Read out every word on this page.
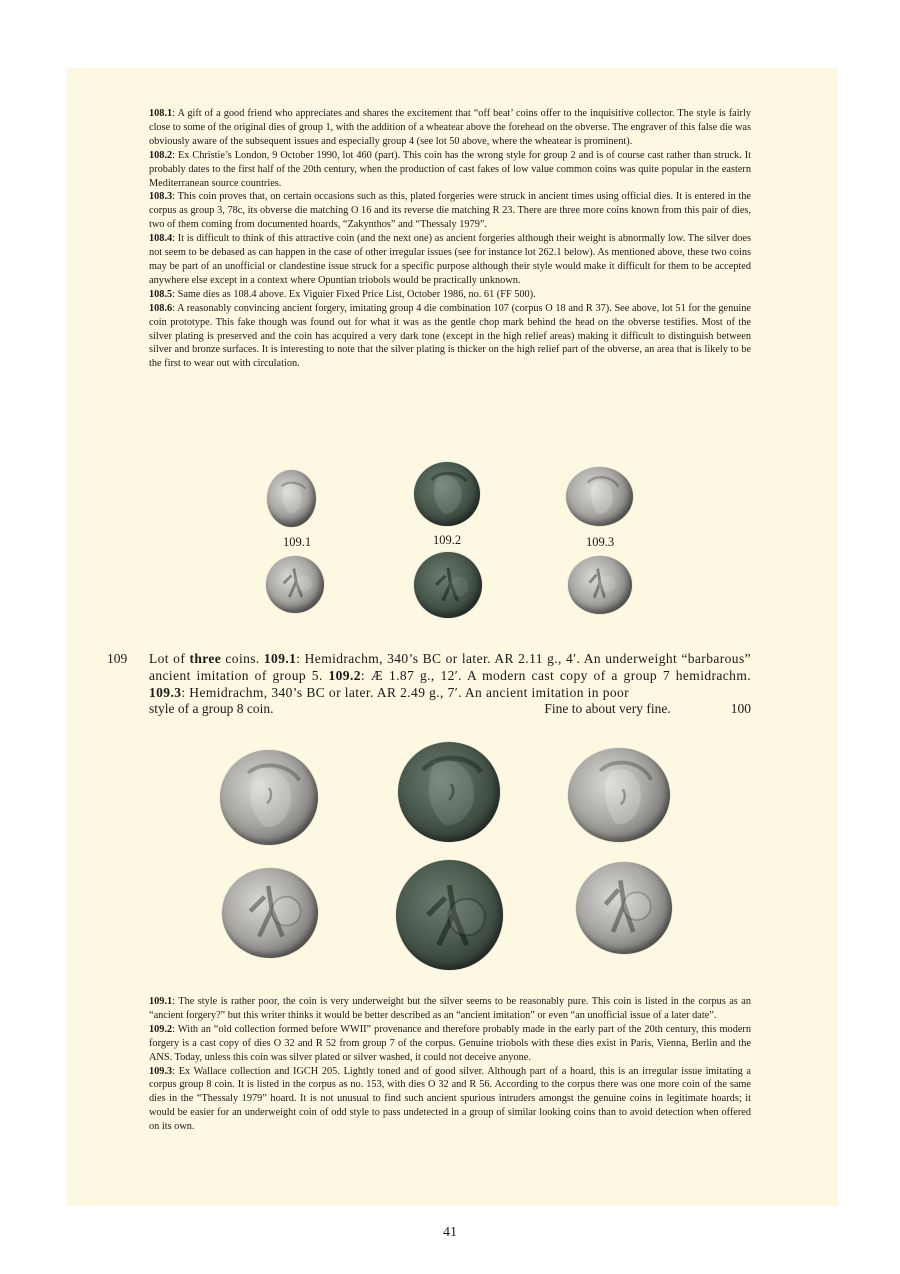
108.1: A gift of a good friend who appreciates and shares the excitement that “off beat’ coins offer to the inquisitive collector. The style is fairly close to some of the original dies of group 1, with the addition of a wheatear above the forehead on the obverse. The engraver of this false die was obviously aware of the subsequent issues and especially group 4 (see lot 50 above, where the wheatear is prominent).

108.2: Ex Christie’s London, 9 October 1990, lot 460 (part). This coin has the wrong style for group 2 and is of course cast rather than struck. It probably dates to the first half of the 20th century, when the production of cast fakes of low value common coins was quite popular in the eastern Mediterranean source countries.

108.3: This coin proves that, on certain occasions such as this, plated forgeries were struck in ancient times using official dies. It is entered in the corpus as group 3, 78c, its obverse die matching O 16 and its reverse die matching R 23. There are three more coins known from this pair of dies, two of them coming from documented hoards, “Zakynthos” and “Thessaly 1979”.

108.4: It is difficult to think of this attractive coin (and the next one) as ancient forgeries although their weight is abnormally low. The silver does not seem to be debased as can happen in the case of other irregular issues (see for instance lot 262.1 below). As mentioned above, these two coins may be part of an unofficial or clandestine issue struck for a specific purpose although their style would make it difficult for them to be accepted anywhere else except in a context where Opuntian triobols would be practically unknown.

108.5: Same dies as 108.4 above. Ex Viguier Fixed Price List, October 1986, no. 61 (FF 500).

108.6: A reasonably convincing ancient forgery, imitating group 4 die combination 107 (corpus O 18 and R 37). See above, lot 51 for the genuine coin prototype. This fake though was found out for what it was as the gentle chop mark behind the head on the obverse testifies. Most of the silver plating is preserved and the coin has acquired a very dark tone (except in the high relief areas) making it difficult to distinguish between silver and bronze surfaces. It is interesting to note that the silver plating is thicker on the high relief part of the obverse, an area that is likely to be the first to wear out with circulation.

109.1	109.2	109.3
109 Lot of three coins. 109.1: Hemidrachm, 340’s BC or later. AR 2.11 g., 4′. An underweight “barbarous” ancient imitation of group 5. 109.2: Æ 1.87 g., 12′. A modern cast copy of a group 7 hemidrachm. 109.3: Hemidrachm, 340’s BC or later. AR 2.49 g., 7′. An ancient imitation in poor

style of a group 8 coin.	Fine to about very fine.	100

109.1: The style is rather poor, the coin is very underweight but the silver seems to be reasonably pure. This coin is listed in the corpus as an “ancient forgery?” but this writer thinks it would be better described as an “ancient imitation” or even “an unofficial issue of a later date”.

109.2: With an “old collection formed before WWII” provenance and therefore probably made in the early part of the 20th century, this modern forgery is a cast copy of dies O 32 and R 52 from group 7 of the corpus. Genuine triobols with these dies exist in Paris, Vienna, Berlin and the ANS. Today, unless this coin was silver plated or silver washed, it could not deceive anyone.

109.3: Ex Wallace collection and IGCH 205. Lightly toned and of good silver. Although part of a hoard, this is an irregular issue imitating a corpus group 8 coin. It is listed in the corpus as no. 153, with dies O 32 and R 56. According to the corpus there was one more coin of the same dies in the “Thessaly 1979” hoard. It is not unusual to find such ancient spurious intruders amongst the genuine coins in legitimate hoards; it would be easier for an underweight coin of odd style to pass undetected in a group of similar looking coins than to avoid detection when offered on its own.

41
